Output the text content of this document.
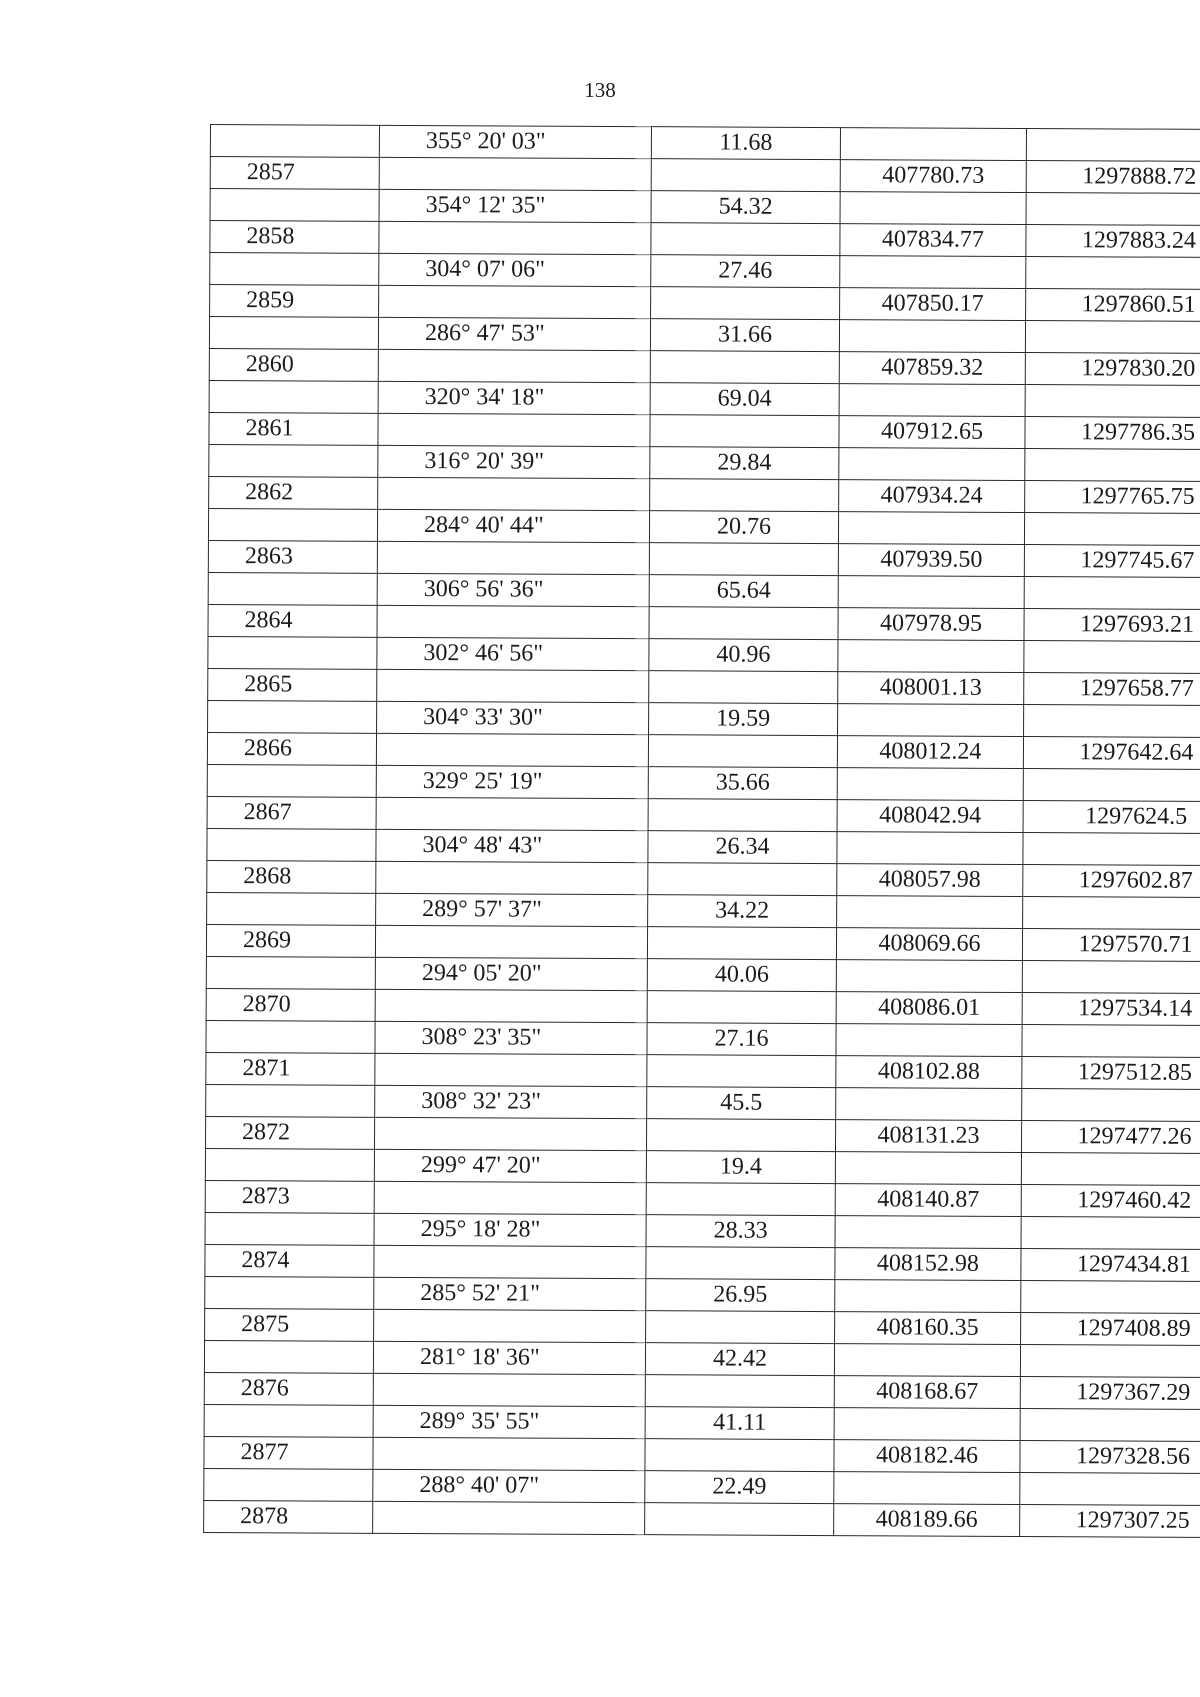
138
	355° 20' 03"	11.68		
2857			407780.73	1297888.72
	354° 12' 35"	54.32		
2858			407834.77	1297883.24
	304° 07' 06"	27.46		
2859			407850.17	1297860.51
	286° 47' 53"	31.66		
2860			407859.32	1297830.20
	320° 34' 18"	69.04		
2861			407912.65	1297786.35
	316° 20' 39"	29.84		
2862			407934.24	1297765.75
	284° 40' 44"	20.76		
2863			407939.50	1297745.67
	306° 56' 36"	65.64		
2864			407978.95	1297693.21
	302° 46' 56"	40.96		
2865			408001.13	1297658.77
	304° 33' 30"	19.59		
2866			408012.24	1297642.64
	329° 25' 19"	35.66		
2867			408042.94	1297624.5
	304° 48' 43"	26.34		
2868			408057.98	1297602.87
	289° 57' 37"	34.22		
2869			408069.66	1297570.71
	294° 05' 20"	40.06		
2870			408086.01	1297534.14
	308° 23' 35"	27.16		
2871			408102.88	1297512.85
	308° 32' 23"	45.5		
2872			408131.23	1297477.26
	299° 47' 20"	19.4		
2873			408140.87	1297460.42
	295° 18' 28"	28.33		
2874			408152.98	1297434.81
	285° 52' 21"	26.95		
2875			408160.35	1297408.89
	281° 18' 36"	42.42		
2876			408168.67	1297367.29
	289° 35' 55"	41.11		
2877			408182.46	1297328.56
	288° 40' 07"	22.49		
2878			408189.66	1297307.25
